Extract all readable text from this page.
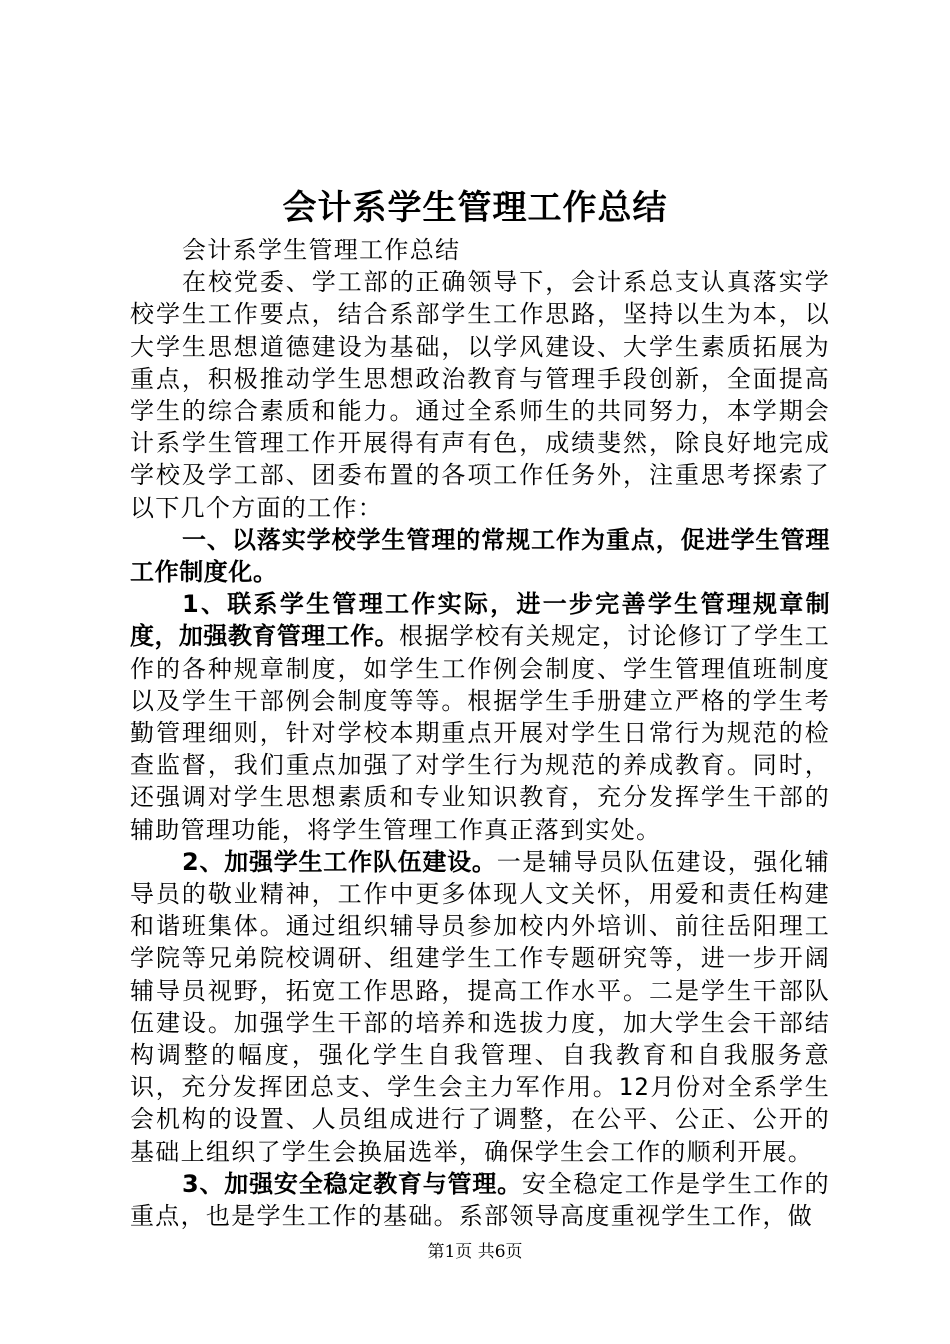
会计系学生管理工作总结

会计系学生管理工作总结

在校党委、学工部的正确领导下，会计系总支认真落实学校学生工作要点，结合系部学生工作思路，坚持以生为本，以大学生思想道德建设为基础，以学风建设、大学生素质拓展为重点，积极推动学生思想政治教育与管理手段创新，全面提高学生的综合素质和能力。通过全系师生的共同努力，本学期会计系学生管理工作开展得有声有色，成绩斐然，除良好地完成学校及学工部、团委布置的各项工作任务外，注重思考探索了以下几个方面的工作：

一、以落实学校学生管理的常规工作为重点，促进学生管理工作制度化。

1、联系学生管理工作实际，进一步完善学生管理规章制度，加强教育管理工作。根据学校有关规定，讨论修订了学生工作的各种规章制度，如学生工作例会制度、学生管理值班制度以及学生干部例会制度等等。根据学生手册建立严格的学生考勤管理细则，针对学校本期重点开展对学生日常行为规范的检查监督，我们重点加强了对学生行为规范的养成教育。同时，还强调对学生思想素质和专业知识教育，充分发挥学生干部的辅助管理功能，将学生管理工作真正落到实处。

2、加强学生工作队伍建设。一是辅导员队伍建设，强化辅导员的敬业精神，工作中更多体现人文关怀，用爱和责任构建和谐班集体。通过组织辅导员参加校内外培训、前往岳阳理工学院等兄弟院校调研、组建学生工作专题研究等，进一步开阔辅导员视野，拓宽工作思路，提高工作水平。二是学生干部队伍建设。加强学生干部的培养和选拔力度，加大学生会干部结构调整的幅度，强化学生自我管理、自我教育和自我服务意识，充分发挥团总支、学生会主力军作用。12月份对全系学生会机构的设置、人员组成进行了调整，在公平、公正、公开的基础上组织了学生会换届选举，确保学生会工作的顺利开展。

3、加强安全稳定教育与管理。安全稳定工作是学生工作的重点，也是学生工作的基础。系部领导高度重视学生工作，做

第1页 共6页
